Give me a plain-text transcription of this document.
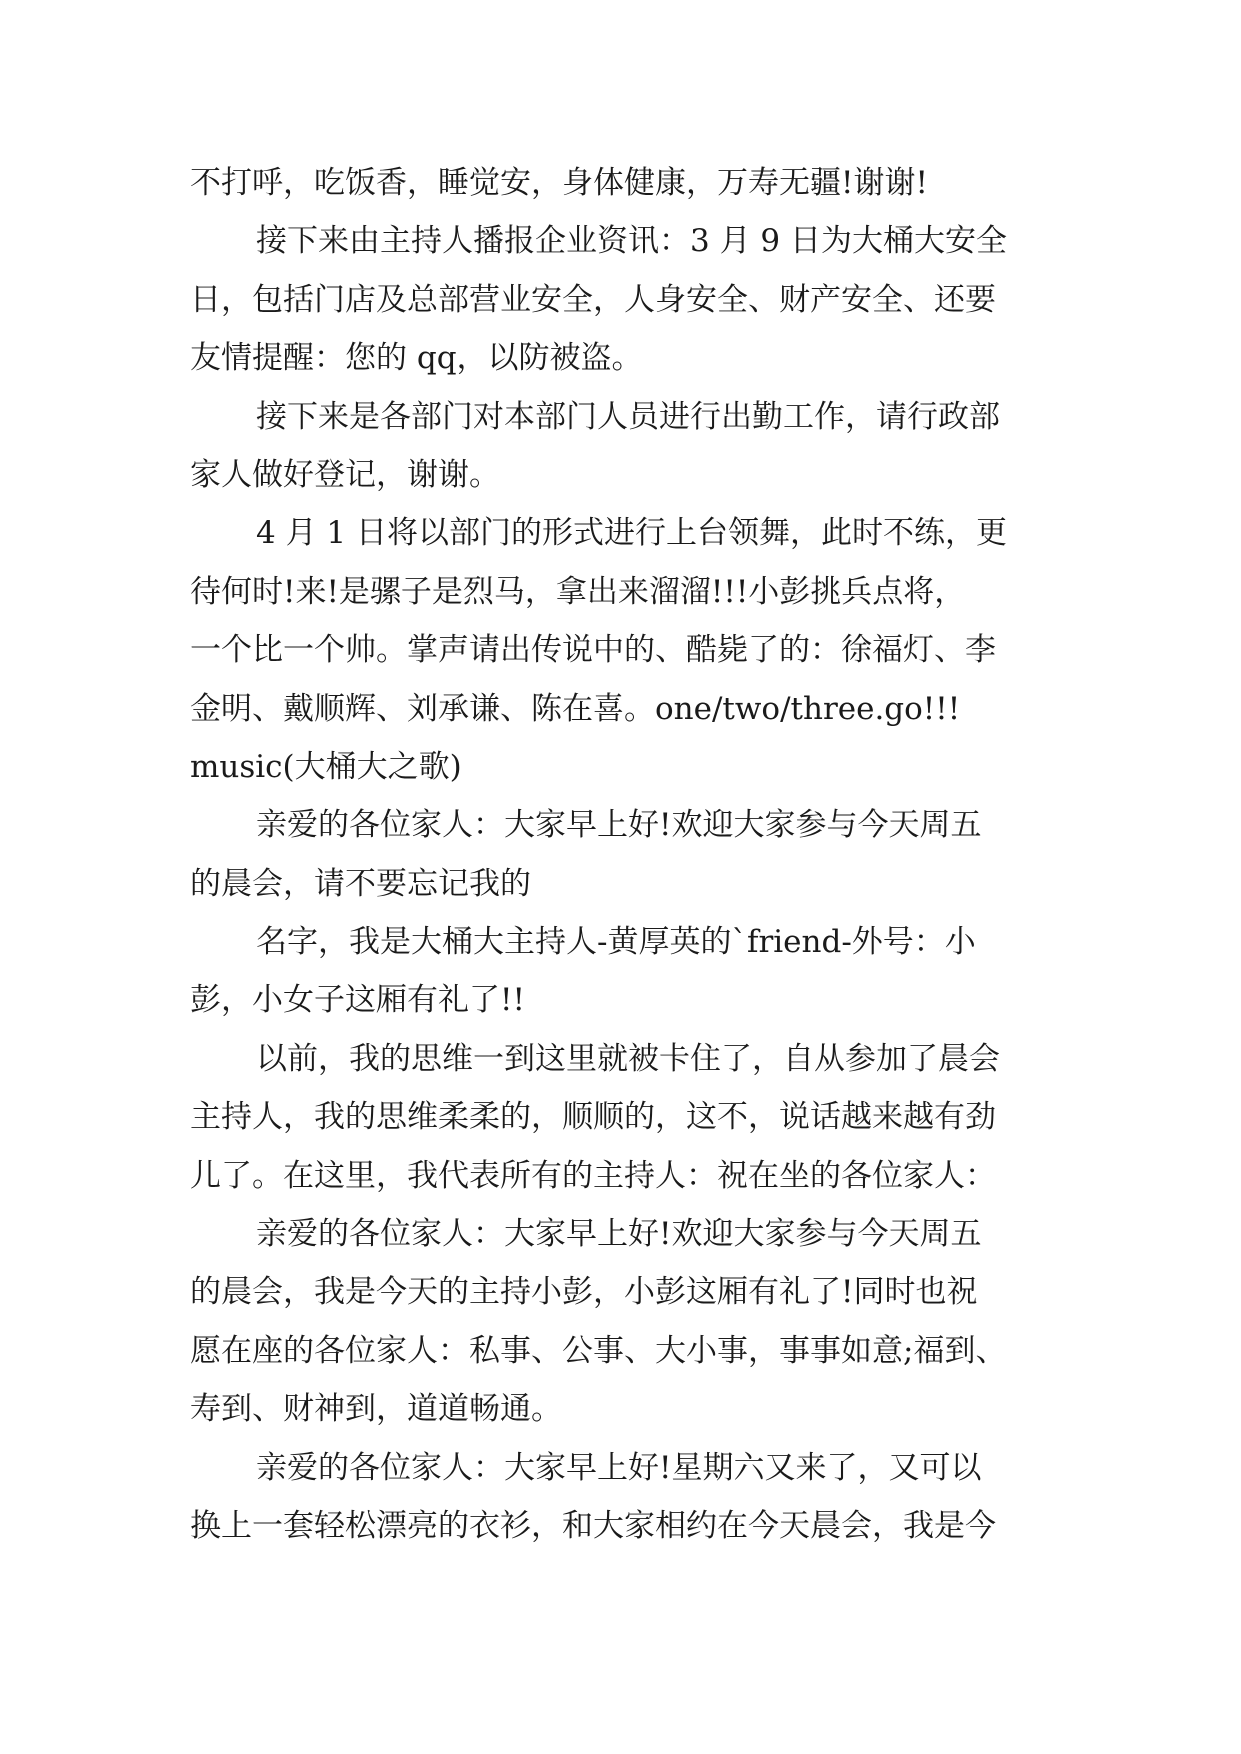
不打呼，吃饭香，睡觉安，身体健康，万寿无疆!谢谢!
接下来由主持人播报企业资讯：3 月 9 日为大桶大安全
日，包括门店及总部营业安全，人身安全、财产安全、还要
友情提醒：您的 qq，以防被盗。
接下来是各部门对本部门人员进行出勤工作，请行政部
家人做好登记，谢谢。
4 月 1 日将以部门的形式进行上台领舞，此时不练，更
待何时!来!是骡子是烈马，拿出来溜溜!!!小彭挑兵点将，
一个比一个帅。掌声请出传说中的、酷毙了的：徐福灯、李
金明、戴顺辉、刘承谦、陈在喜。one/two/three.go!!!
music(大桶大之歌)
亲爱的各位家人：大家早上好!欢迎大家参与今天周五
的晨会，请不要忘记我的
名字，我是大桶大主持人-黄厚英的`friend-外号：小
彭，小女子这厢有礼了!!
以前，我的思维一到这里就被卡住了，自从参加了晨会
主持人，我的思维柔柔的，顺顺的，这不，说话越来越有劲
儿了。在这里，我代表所有的主持人：祝在坐的各位家人：
亲爱的各位家人：大家早上好!欢迎大家参与今天周五
的晨会，我是今天的主持小彭，小彭这厢有礼了!同时也祝
愿在座的各位家人：私事、公事、大小事，事事如意;福到、
寿到、财神到，道道畅通。
亲爱的各位家人：大家早上好!星期六又来了，又可以
换上一套轻松漂亮的衣衫，和大家相约在今天晨会，我是今
